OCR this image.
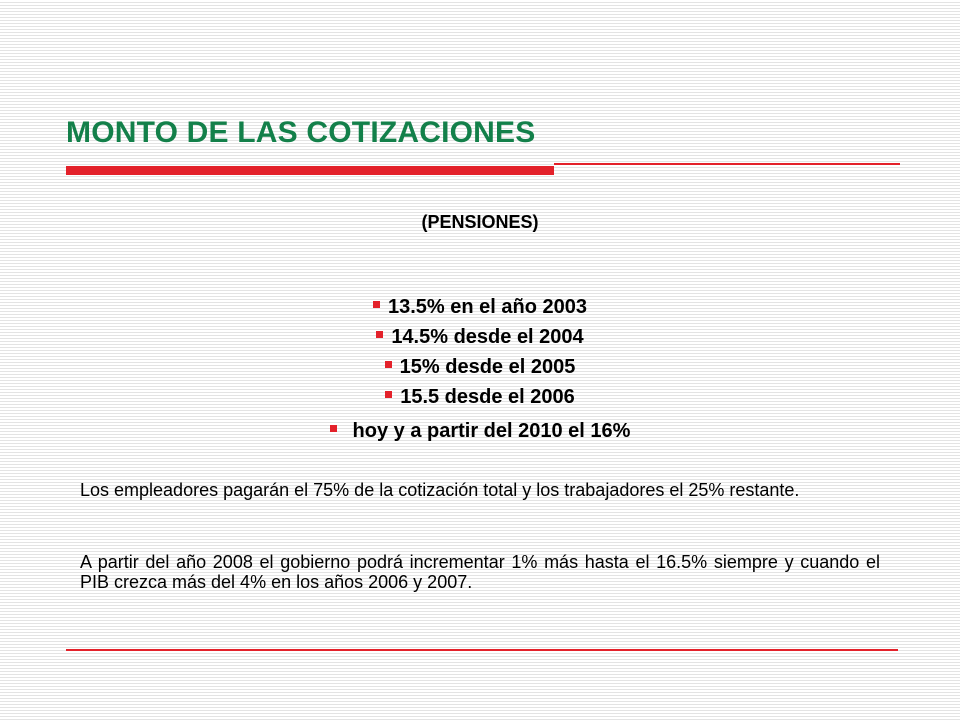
MONTO DE LAS COTIZACIONES
(PENSIONES)
13.5% en el año 2003
14.5% desde el 2004
15% desde el 2005
15.5 desde el 2006
hoy y a partir del 2010 el 16%

Los empleadores pagarán el 75% de la cotización total y los trabajadores el 25% restante.

A partir del año 2008 el gobierno podrá incrementar 1% más hasta el 16.5% siempre y cuando el PIB crezca más del 4% en los años 2006 y 2007.
